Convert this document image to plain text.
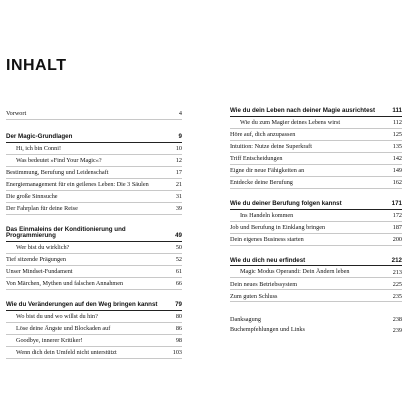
INHALT
Vorwort	4
Der Magic-Grundlagen	9
Hi, ich bin Conni!	10
Was bedeutet »Find Your Magic«?	12
Bestimmung, Berufung und Leidenschaft	17
Energiemanagement für ein geilenes Leben: Die 3 Säulen	21
Die große Sinnsuche	31
Der Fahrplan für deine Reise	39
Das Einmaleins der Konditionierung und Programmierung	49
Wer bist du wirklich?	50
Tief sitzende Prägungen	52
Unser Mindset-Fundament	61
Von Märchen, Mythen und falschen Annahmen	66
Wie du Veränderungen auf den Weg bringen kannst	79
Wo bist du und wo willst du hin?	80
Löse deine Ängste und Blockaden auf	86
Goodbye, innerer Kritiker!	98
Wenn dich dein Umfeld nicht unterstützt	103
Wie du dein Leben nach deiner Magie ausrichtest	111
Wie du zum Magier deines Lebens wirst	112
Höre auf, dich anzupassen	125
Intuition: Nutze deine Superkraft	135
Triff Entscheidungen	142
Eigne dir neue Fähigkeiten an	149
Entdecke deine Berufung	162
Wie du deiner Berufung folgen kannst	171
Ins Handeln kommen	172
Job und Berufung in Einklang bringen	187
Dein eigenes Business starten	200
Wie du dich neu erfindest	212
Magic Modus Operandi: Dein Ändern leben	213
Dein neues Betriebssystem	225
Zum guten Schluss	235
Danksagung	238
Buchempfehlungen und Links	239
